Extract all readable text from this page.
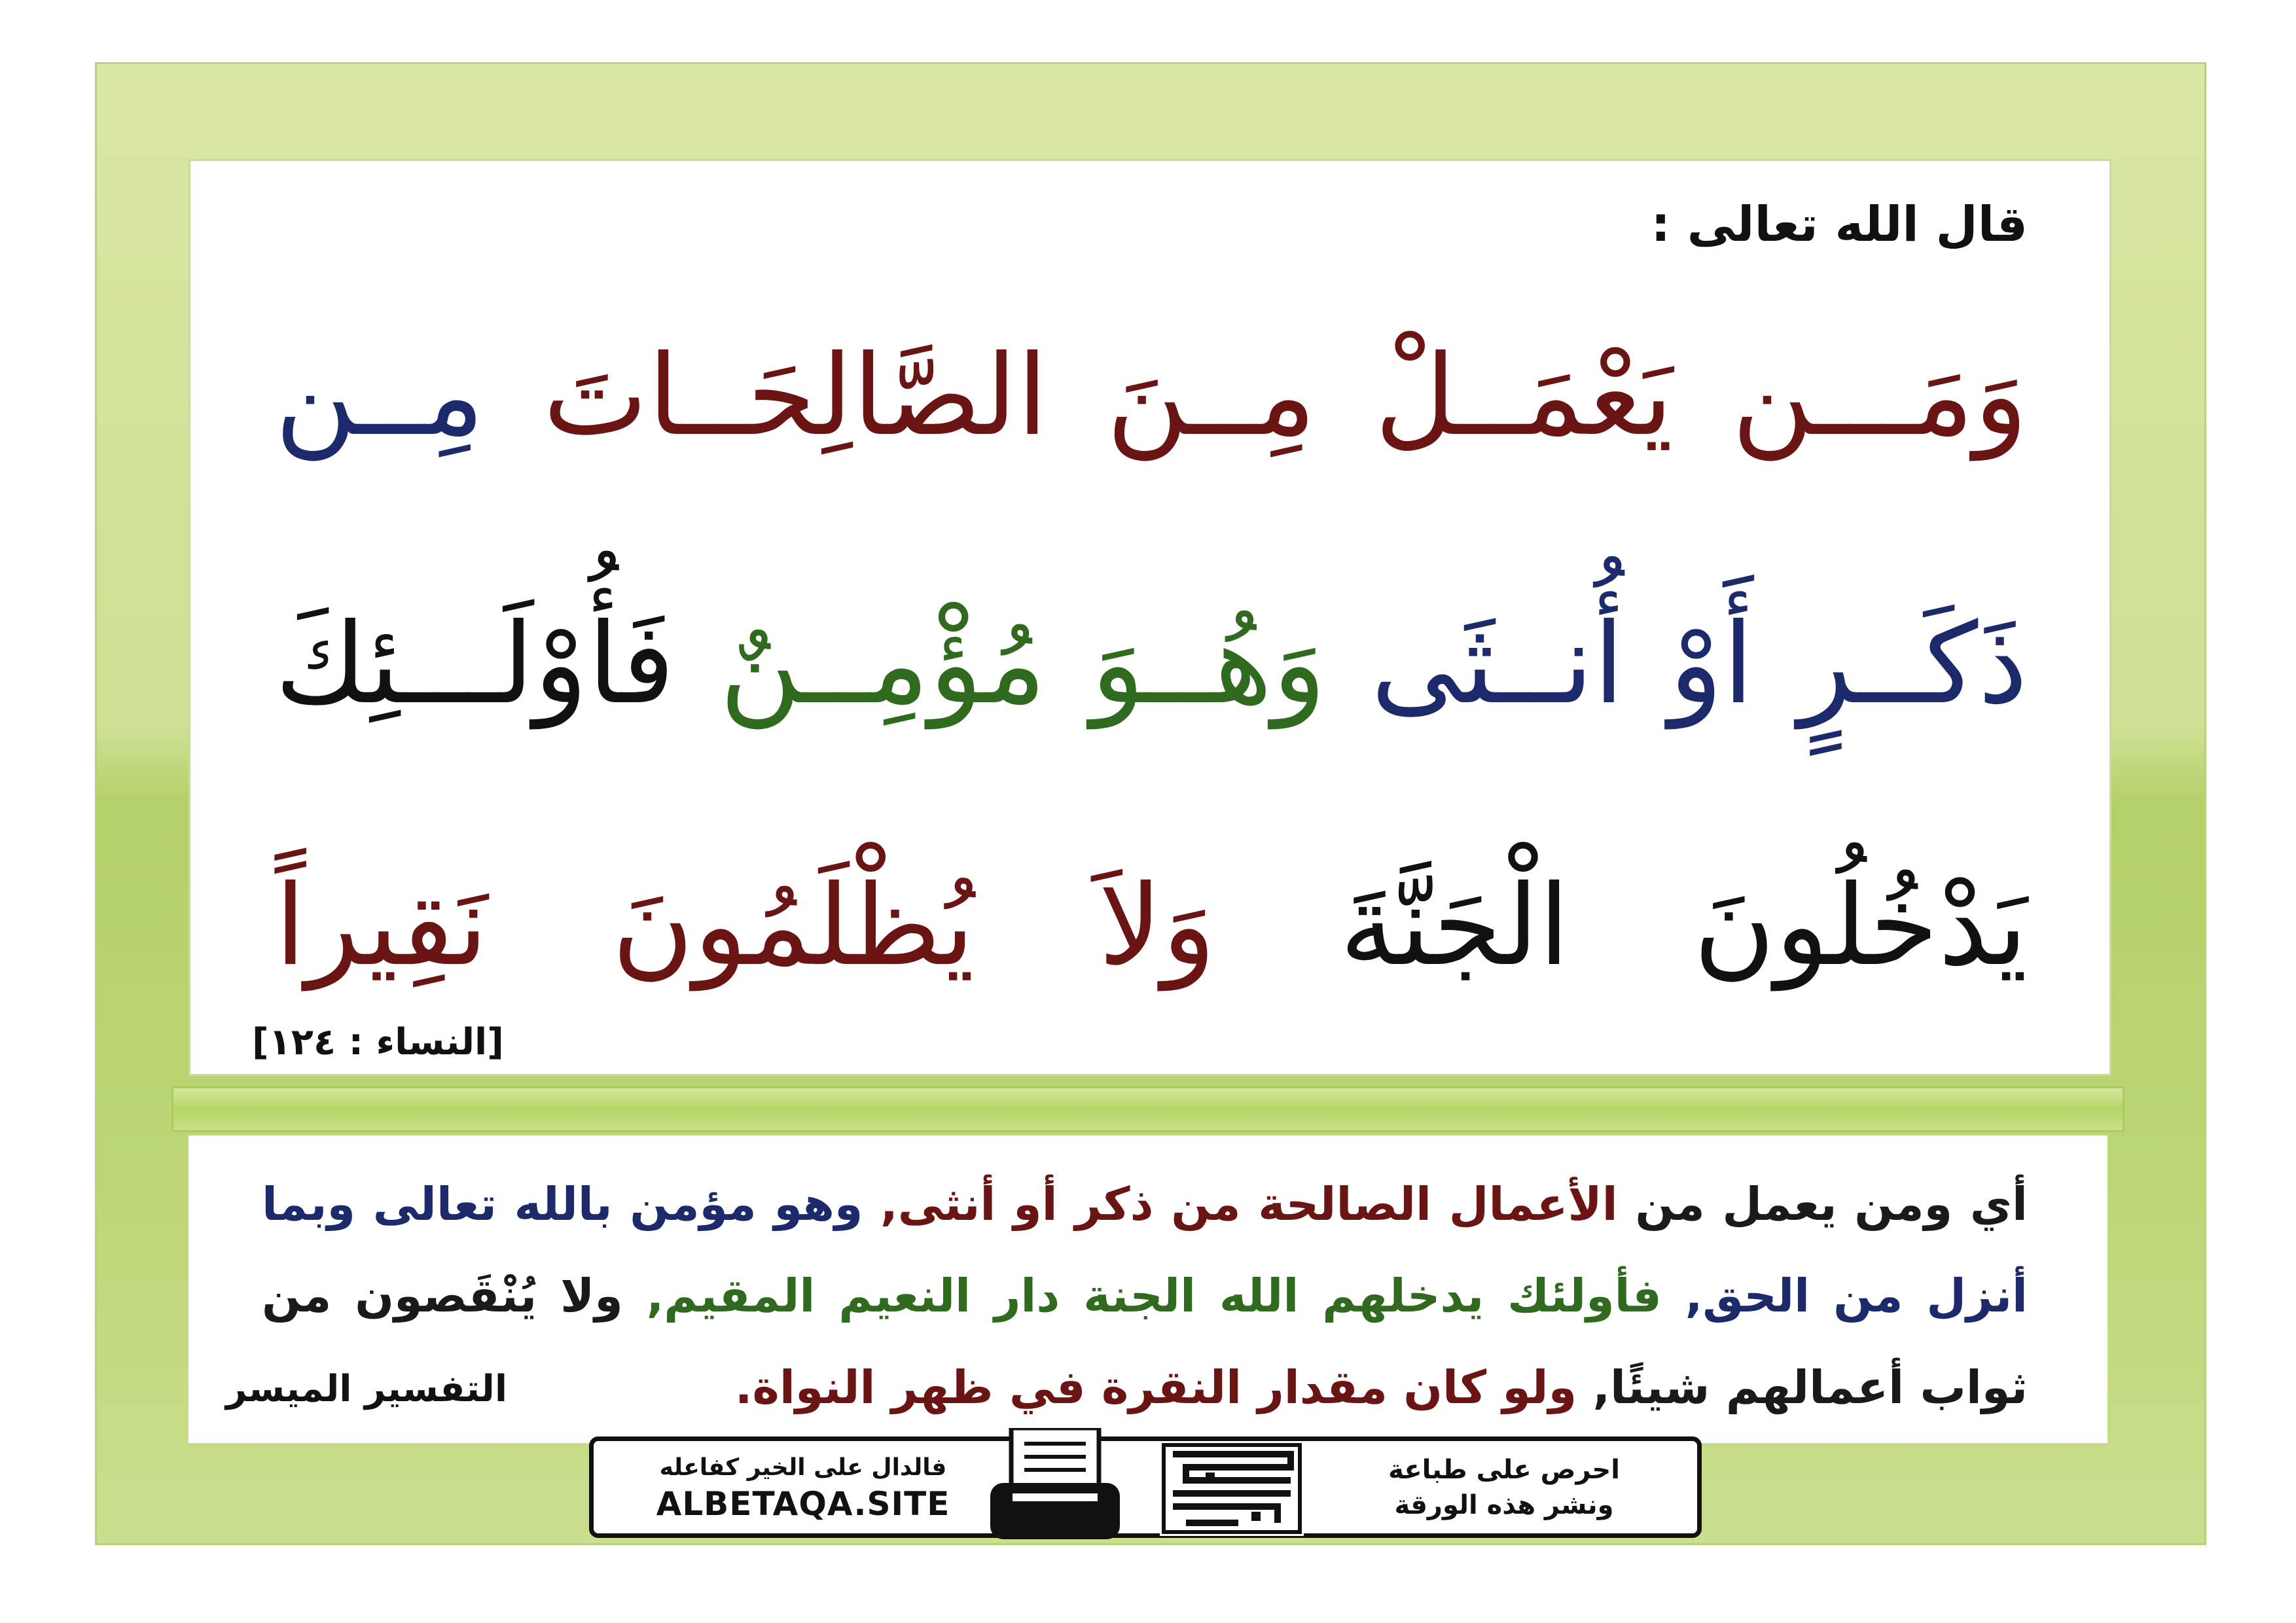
قال الله تعالى :

وَمَـــن يَعْمَــلْ مِــنَ الصَّالِحَــاتَ مِــن

ذَكَــرٍ أَوْ أُنــثَى وَهُــوَ مُؤْمِــنٌ فَأُوْلَـــئِكَ

يَدْخُلُونَ الْجَنَّةَ وَلاَ يُظْلَمُونَ نَقِيراً

[النساء : ١٢٤]

أي ومن يعمل من الأعمال الصالحة من ذكر أو أنثى, وهو مؤمن بالله تعالى وبما أنزل من الحق, فأولئك يدخلهم الله الجنة دار النعيم المقيم, ولا يُنْقَصون من ثواب أعمالهم شيئًا, ولو كان مقدار النقرة في ظهر النواة.

التفسير الميسر

فالدال على الخير كفاعله
ALBETAQA.SITE
احرص على طباعة
ونشر هذه الورقة
